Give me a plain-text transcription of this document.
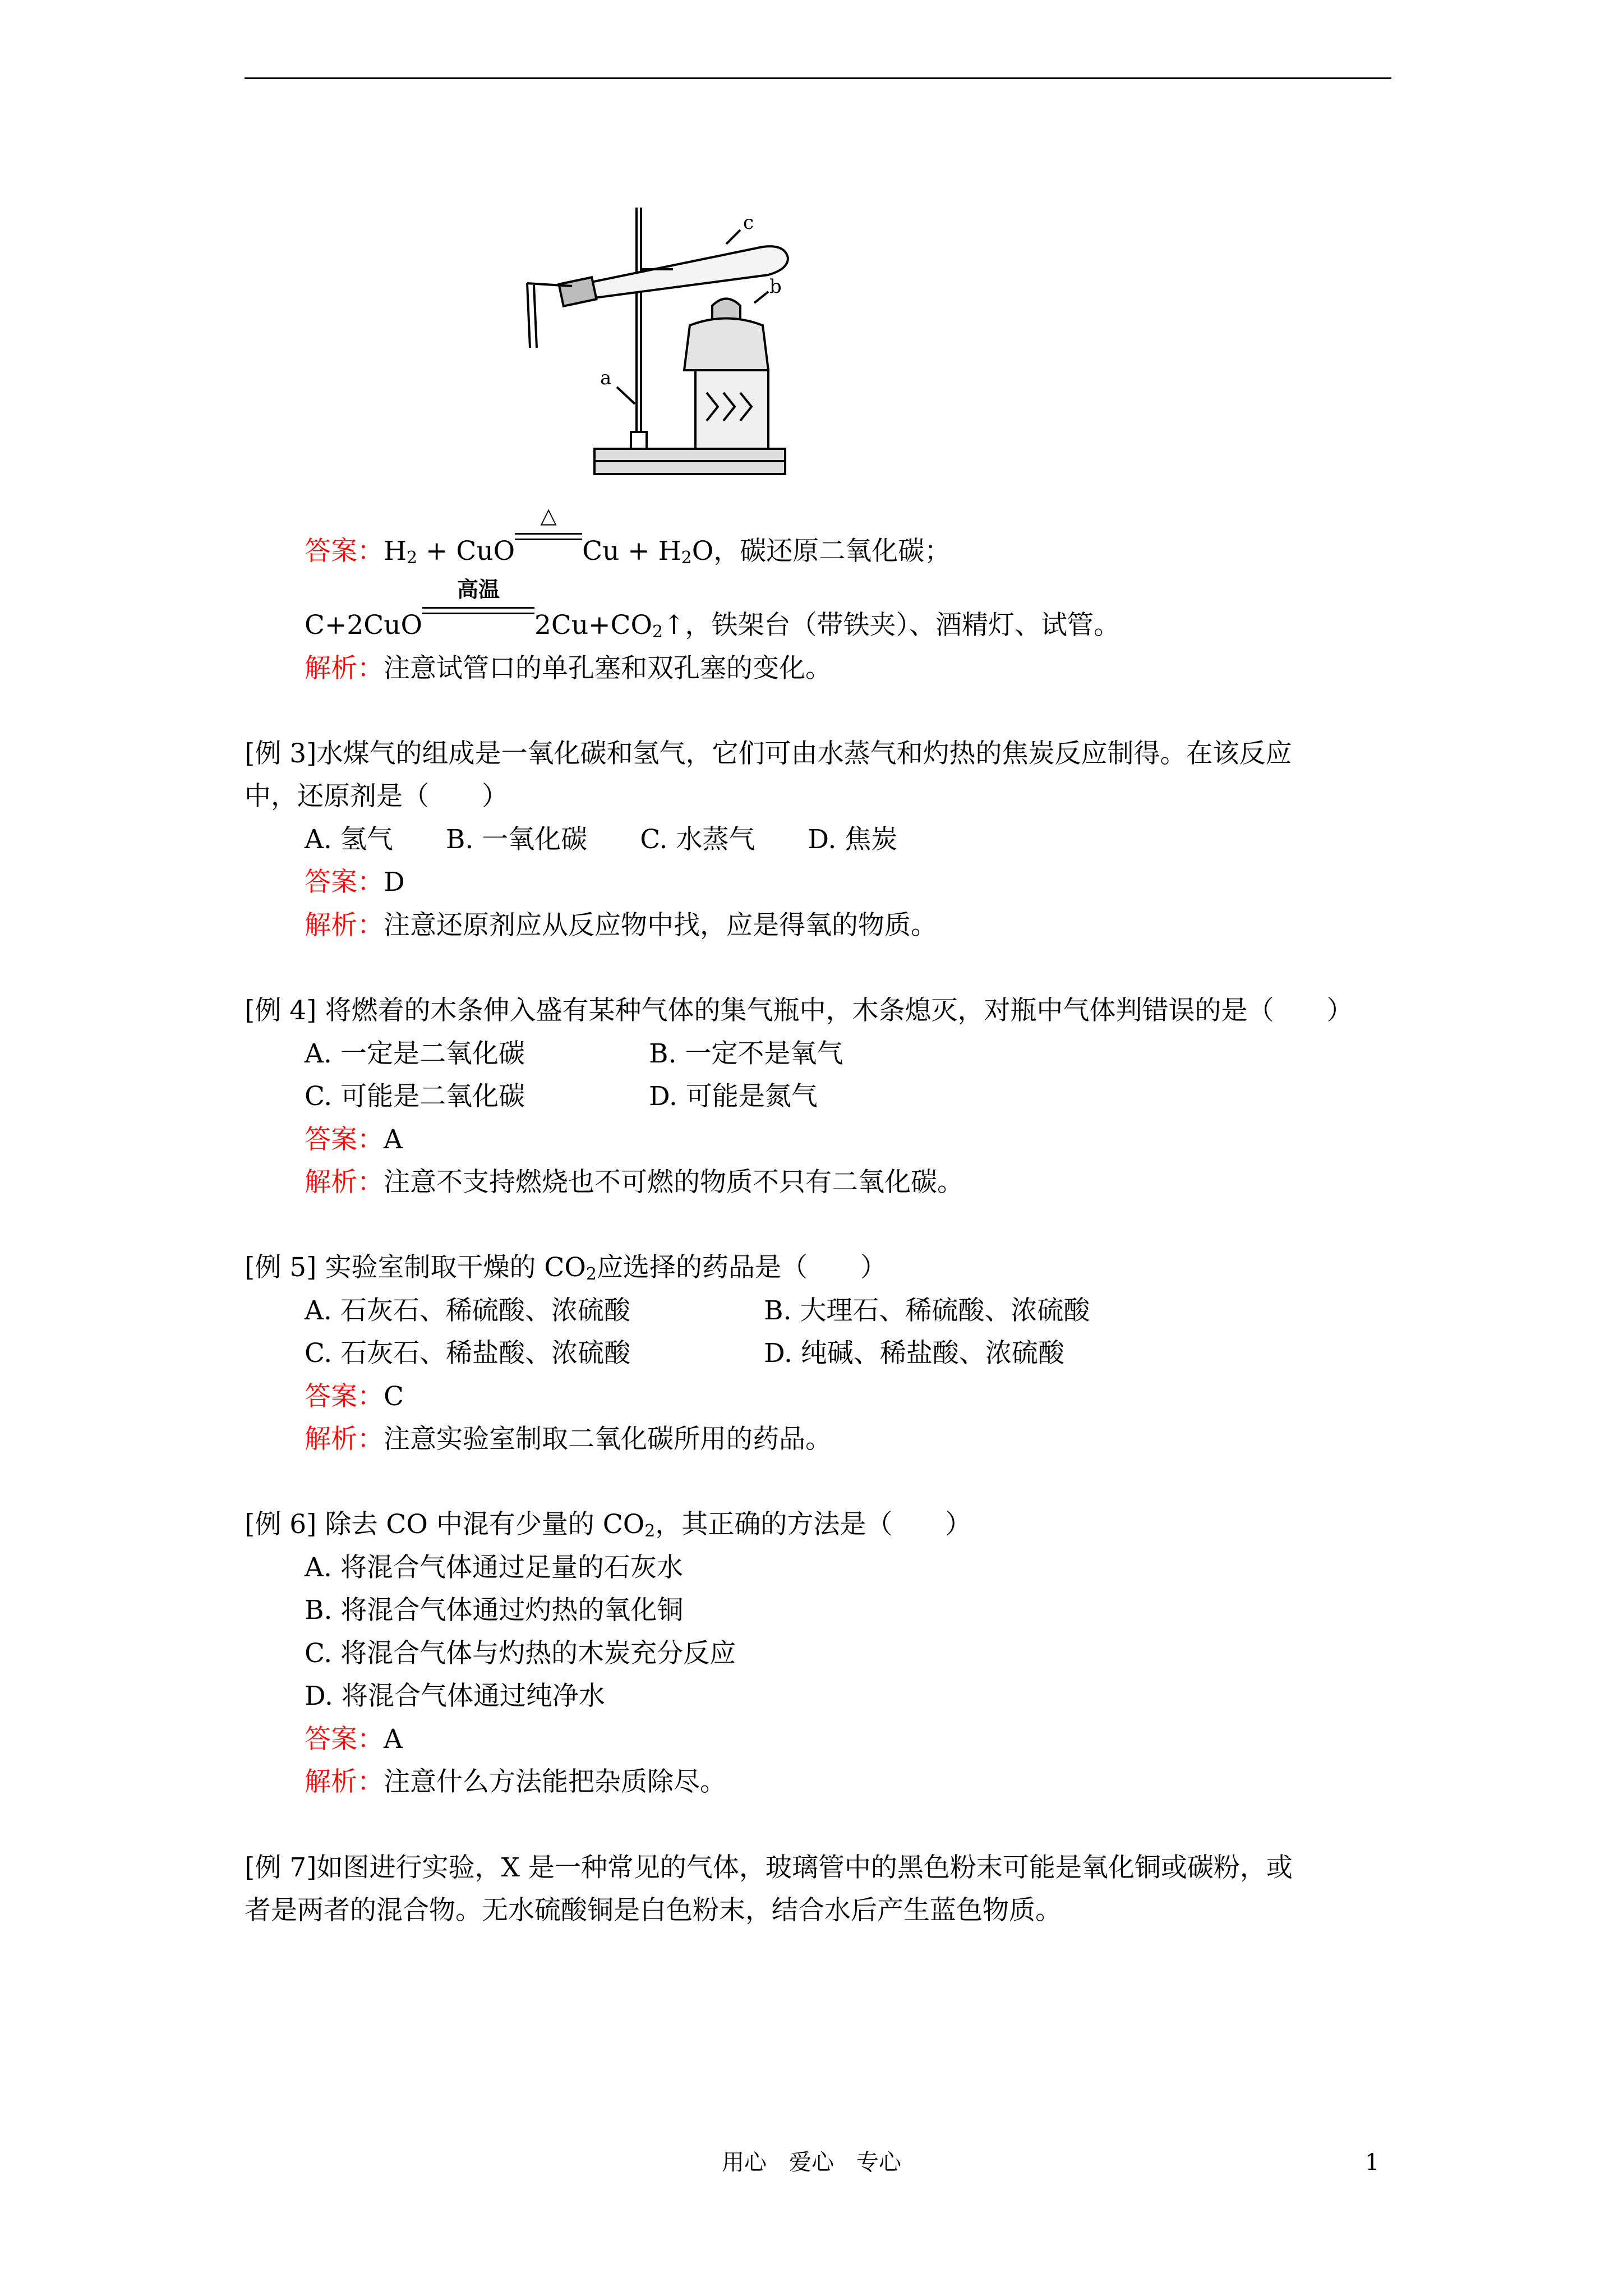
a
b
c
答案：$H_2$ + CuO
△
$Cu + H_2O$，碳还原二氧化碳；
C+2CuO
高温
$2Cu+CO_2↑$，铁架台（带铁夹）、酒精灯、试管。
解析：注意试管口的单孔塞和双孔塞的变化。
[例 3]水煤气的组成是一氧化碳和氢气，它们可由水蒸气和灼热的焦炭反应制得。在该反应
中，还原剂是（　　）
A. 氢气　　B. 一氧化碳　　C. 水蒸气　　D. 焦炭
答案：D
解析：注意还原剂应从反应物中找，应是得氧的物质。
[例 4] 将燃着的木条伸入盛有某种气体的集气瓶中，木条熄灭，对瓶中气体判错误的是（　　）
A. 一定是二氧化碳	B. 一定不是氧气
C. 可能是二氧化碳	D. 可能是氮气
答案：A
解析：注意不支持燃烧也不可燃的物质不只有二氧化碳。
[例 5] 实验室制取干燥的 $CO_2$应选择的药品是（　　）
A. 石灰石、稀硫酸、浓硫酸	B. 大理石、稀硫酸、浓硫酸
C. 石灰石、稀盐酸、浓硫酸	D. 纯碱、稀盐酸、浓硫酸
答案：C
解析：注意实验室制取二氧化碳所用的药品。
[例 6] 除去 CO 中混有少量的 $CO_2$，其正确的方法是（　　）
A. 将混合气体通过足量的石灰水
B. 将混合气体通过灼热的氧化铜
C. 将混合气体与灼热的木炭充分反应
D. 将混合气体通过纯净水
答案：A
解析：注意什么方法能把杂质除尽。
[例 7]如图进行实验，X 是一种常见的气体，玻璃管中的黑色粉末可能是氧化铜或碳粉，或
者是两者的混合物。无水硫酸铜是白色粉末，结合水后产生蓝色物质。
用心　爱心　专心	1
